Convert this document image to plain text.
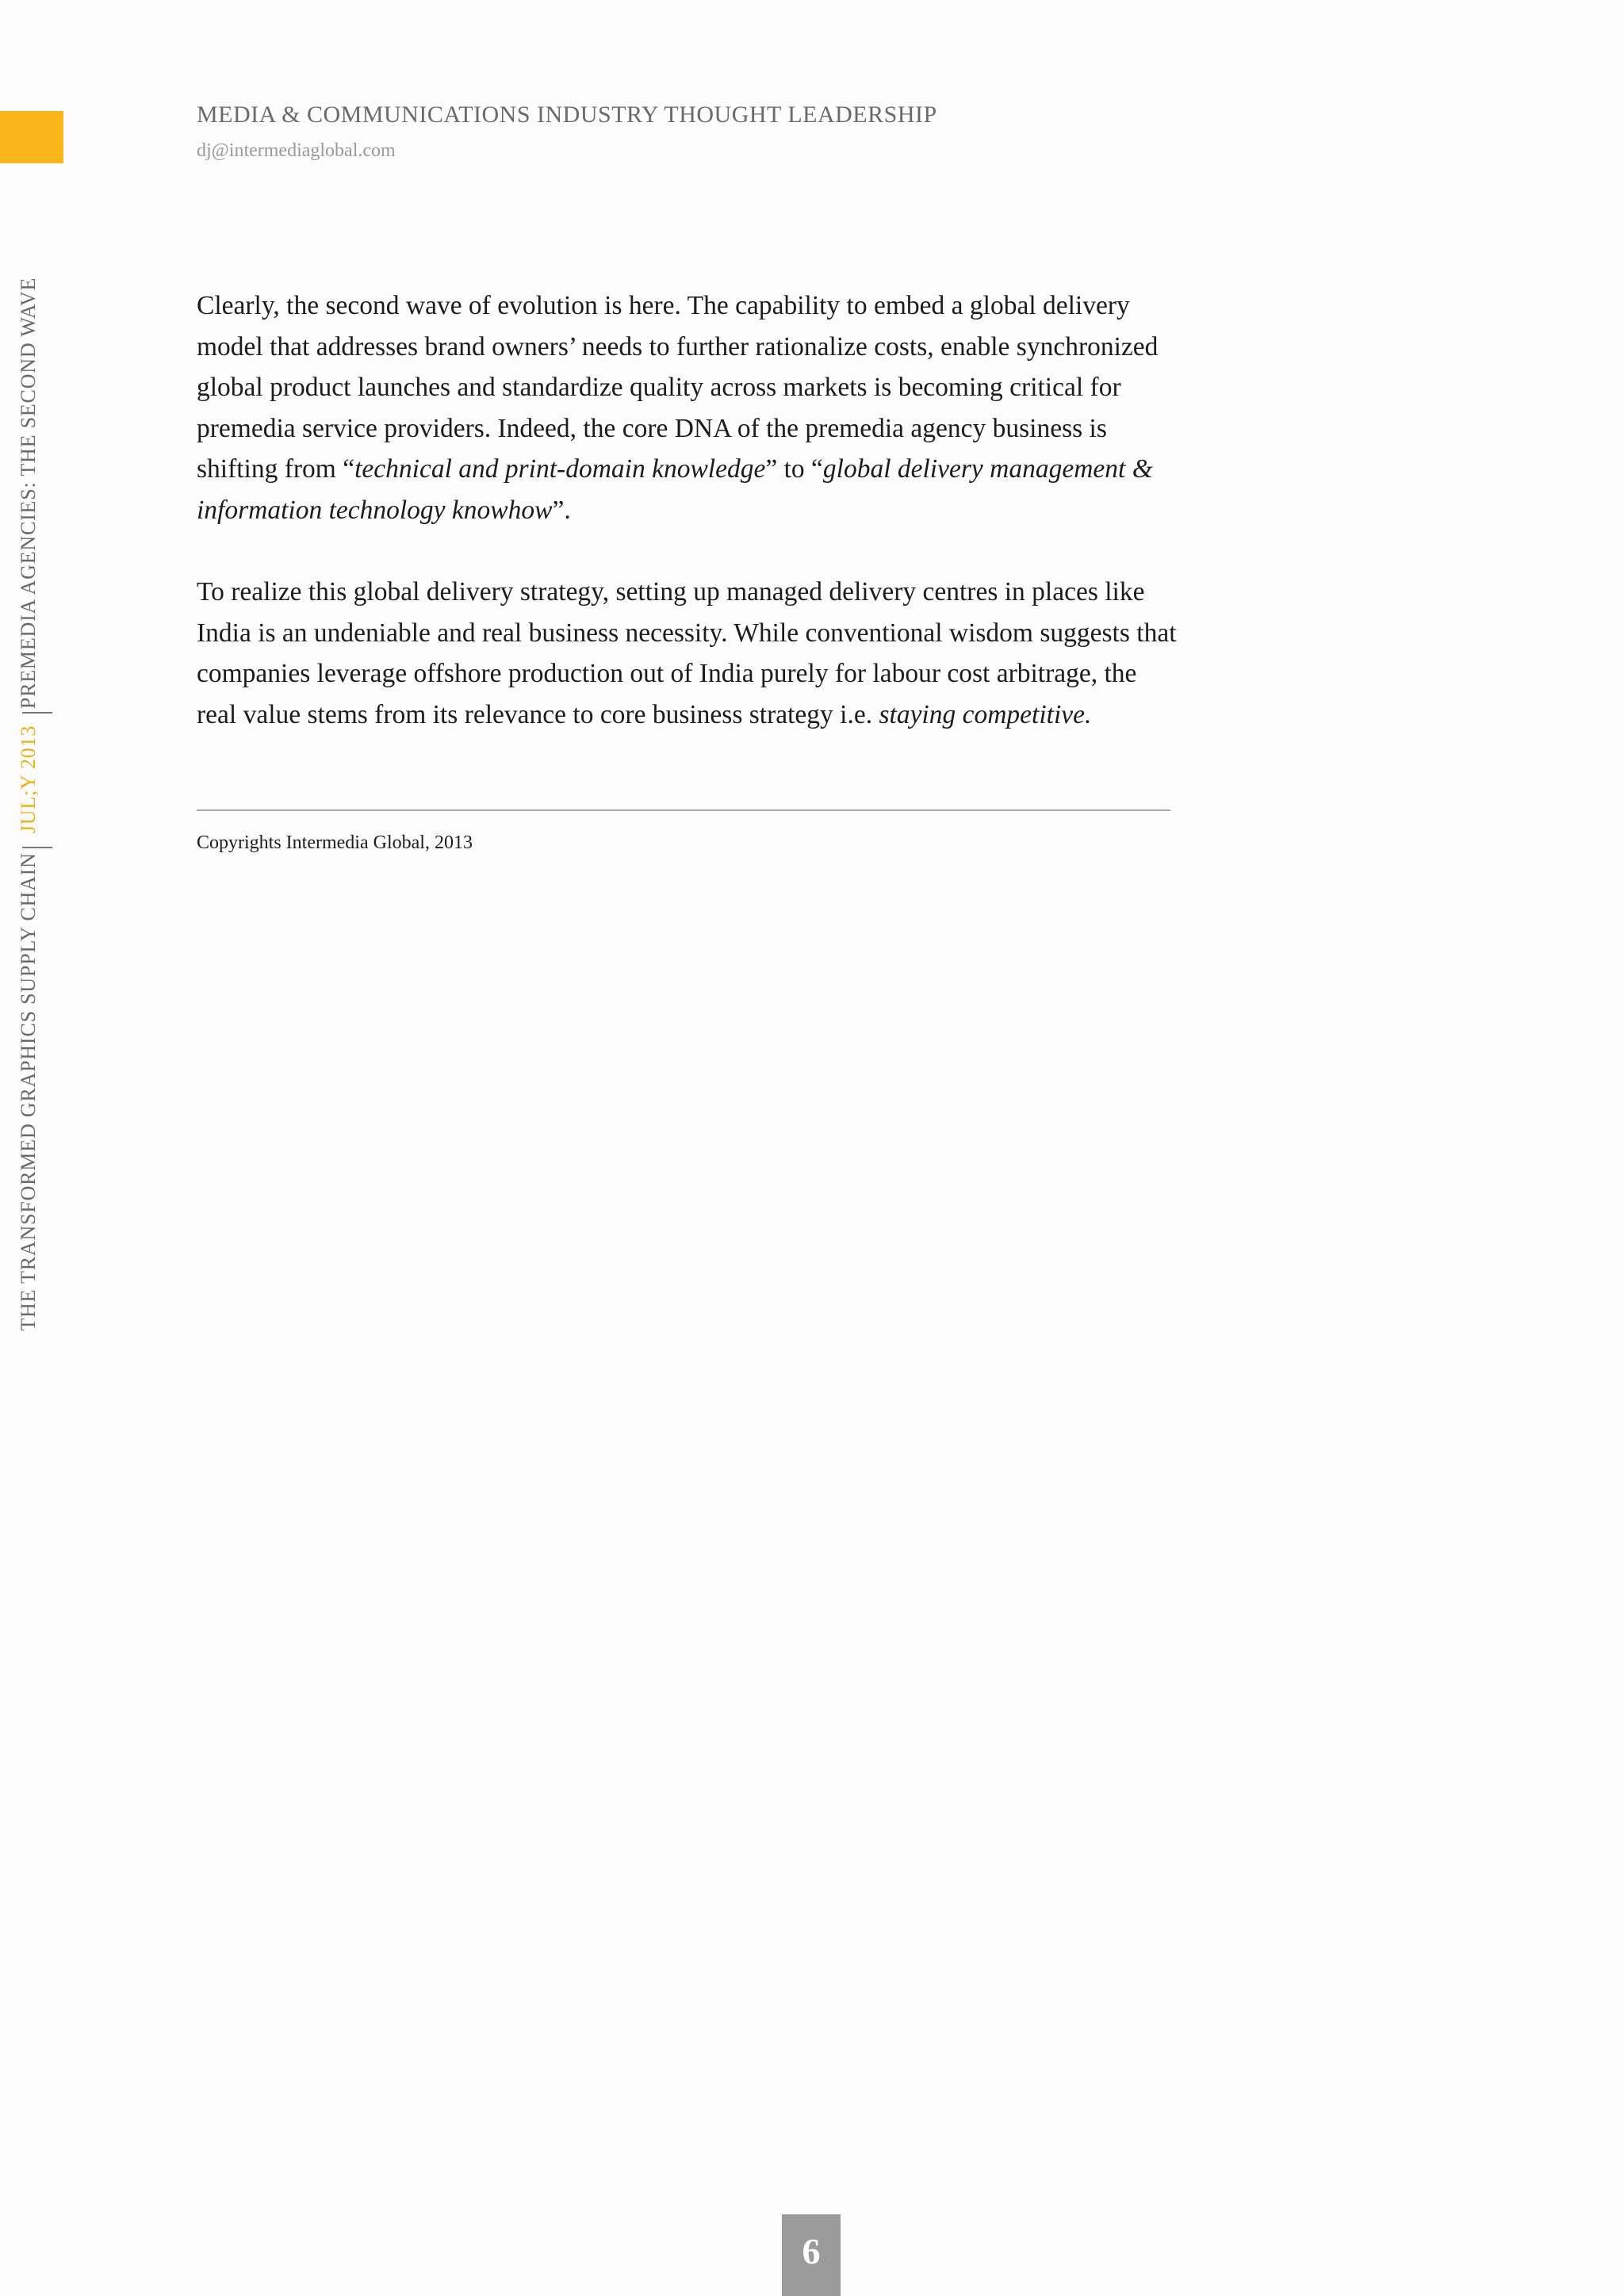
MEDIA & COMMUNICATIONS INDUSTRY THOUGHT LEADERSHIP
dj@intermediaglobal.com
PREMEDIA AGENCIES: THE SECOND WAVE
JUL;Y 2013
THE TRANSFORMED GRAPHICS SUPPLY CHAIN

Clearly, the second wave of evolution is here. The capability to embed a global delivery model that addresses brand owners’ needs to further rationalize costs, enable synchronized global product launches and standardize quality across markets is becoming critical for premedia service providers. Indeed, the core DNA of the premedia agency business is shifting from “technical and print-domain knowledge” to “global delivery management & information technology knowhow”.

To realize this global delivery strategy, setting up managed delivery centres in places like India is an undeniable and real business necessity. While conventional wisdom suggests that companies leverage offshore production out of India purely for labour cost arbitrage, the real value stems from its relevance to core business strategy i.e. staying competitive.

Copyrights Intermedia Global, 2013
6
